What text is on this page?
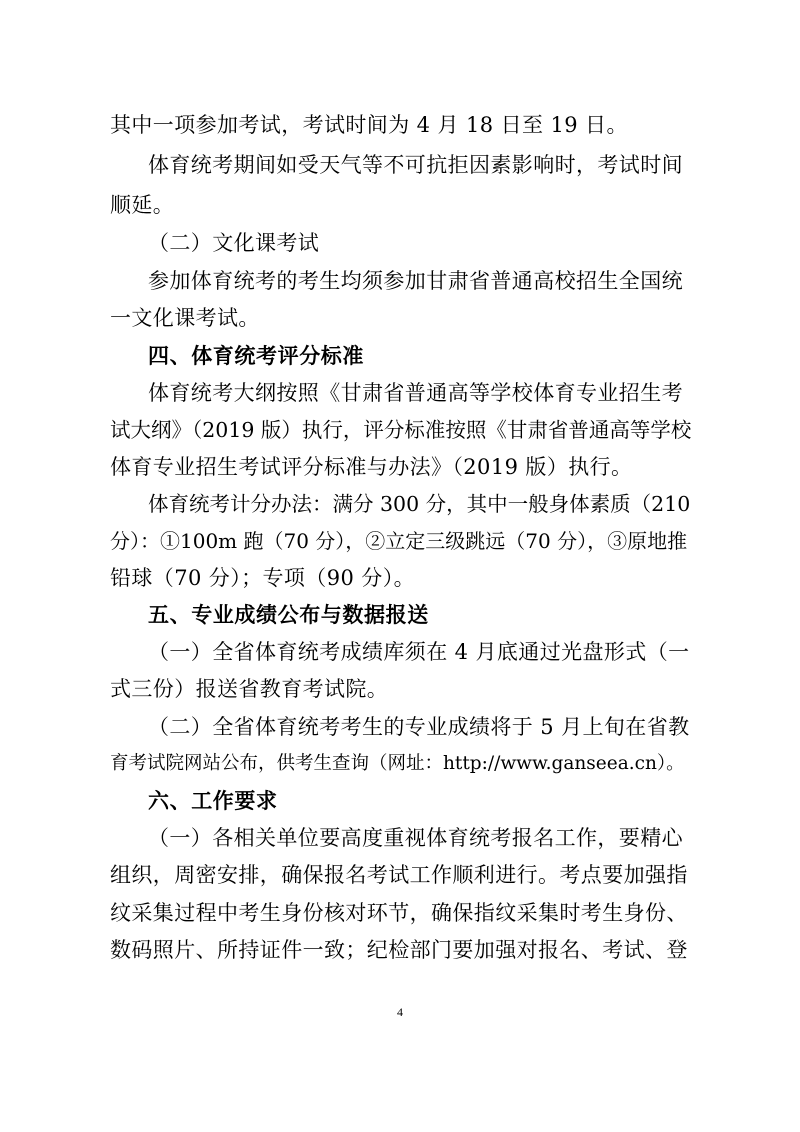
其中一项参加考试，考试时间为 4 月 18 日至 19 日。
体育统考期间如受天气等不可抗拒因素影响时，考试时间
顺延。
（二）文化课考试
参加体育统考的考生均须参加甘肃省普通高校招生全国统
一文化课考试。
四、体育统考评分标准
体育统考大纲按照《甘肃省普通高等学校体育专业招生考
试大纲》（2019 版）执行，评分标准按照《甘肃省普通高等学校
体育专业招生考试评分标准与办法》（2019 版）执行。
体育统考计分办法：满分 300 分，其中一般身体素质（210
分）：①100m 跑（70 分），②立定三级跳远（70 分），③原地推
铅球（70 分）；专项（90 分）。
五、专业成绩公布与数据报送
（一）全省体育统考成绩库须在 4 月底通过光盘形式（一
式三份）报送省教育考试院。
（二）全省体育统考考生的专业成绩将于 5 月上旬在省教
育考试院网站公布，供考生查询（网址：http://www.ganseea.cn）。
六、工作要求
（一）各相关单位要高度重视体育统考报名工作，要精心
组织，周密安排，确保报名考试工作顺利进行。考点要加强指
纹采集过程中考生身份核对环节，确保指纹采集时考生身份、
数码照片、所持证件一致；纪检部门要加强对报名、考试、登
4
